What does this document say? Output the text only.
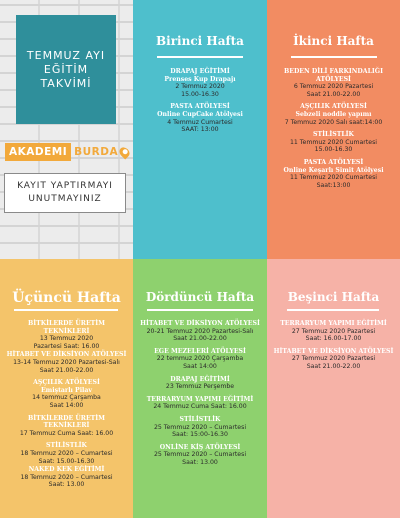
TEMMUZ AYI
EĞİTİM
TAKVİMİ
AKADEMI BURDA
KAYIT YAPTIRMAYI
UNUTMAYINIZ
Birinci Hafta
DRAPAJ EĞİTİMİ
Prenses Kup Drapajı
2 Temmuz 2020
15.00-16.30
PASTA ATÖLYESİ
Online CupCake Atölyesi
4 Temmuz Cumartesi
SAAT: 13:00
İkinci Hafta
BEDEN DİLİ FARKINDALIĞI ATÖLYESİ
6 Temmuz 2020 Pazartesi
Saat 21.00-22.00
AŞÇILIK ATÖLYESİ
Sebzeli noddle yapımı
7 Temmuz 2020 Salı saat:14:00
STİLİSTLİK
11 Temmuz 2020 Cumartesi
15.00-16.30
PASTA ATÖLYESİ
Online Keşarlı Simit Atölyesi
11 Temmuz 2020 Cumartesi
Saat:13:00
Üçüncü Hafta
BİTKİLERDE ÜRETİM
TEKNİKLERİ
13 Temmuz 2020
Pazartesi Saat: 16.00
HİTABET VE DİKSİYON ATÖLYESİ
13-14 Temmuz 2020 Pazartesi-Salı
Saat 21.00-22.00
AŞÇILIK ATÖLYESİ
Emiştarlı Pilav
14 temmuz Çarşamba
Saat 14:00
BİTKİLERDE ÜRETİM
TEKNİKLERİ
17 Temmuz Cuma Saat: 16.00
STİLİSTLİK
18 Temmuz 2020 – Cumartesi
Saat: 15.00-16.30
NAKED KEK EĞİTİMİ
18 Temmuz 2020 – Cumartesi
Saat: 13.00
Dördüncü Hafta
HİTABET VE DİKSİYON ATÖLYESİ
20-21 Temmuz 2020 Pazartesi-Salı
Saat 21.00-22.00
EGE MEZELERİ ATÖLYESİ
22 temmuz 2020 Çarşamba
Saat 14:00
DRAPAJ EĞİTİMİ
23 Temmuz Perşembe
TERRARYUM YAPIMI EĞİTİMİ
24 Temmuz Cuma Saat: 16.00
STİLİSTLİK
25 Temmuz 2020 – Cumartesi
Saat: 15:00-16.30
ONLİNE KİŞ ATÖLYESİ
25 Temmuz 2020 – Cumartesi
Saat: 13.00
Beşinci Hafta
TERRARYUM YAPIMI EĞİTİMİ
27 Temmuz 2020 Pazartesi
Saat: 16.00-17.00
HİTABET VE DİKSİYON ATÖLYESİ
27 Temmuz 2020 Pazartesi
Saat 21.00-22.00
